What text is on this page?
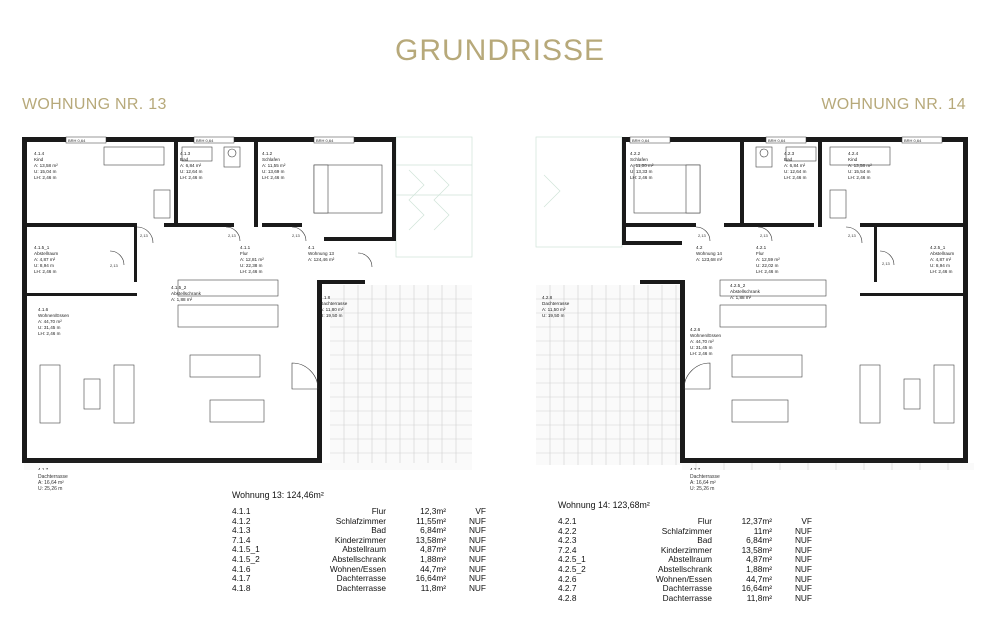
GRUNDRISSE
WOHNUNG NR. 13	WOHNUNG NR. 14
BRH 0,64	BRH 0,64	BRH 0,64
2,13	2,13	2,13
2,13
4.1.4
Kind
A: 13,58 m²
U: 15,04 m
LH: 2,46 m
4.1.3
Bad
A: 6,84 m²
U: 12,64 m
LH: 2,46 m
4.1.2
Schlafen
A: 11,55 m²
U: 13,69 m
LH: 2,46 m
4.1.5_1
Abstellraum
A: 4,87 m²
U: 8,94 m
LH: 2,46 m
4.1.1
Flur
A: 12,81 m²
U: 22,38 m
LH: 2,46 m
4.1
Wohnung 13
A: 124,46 m²
4.1.5_2
Abstellschrank
A: 1,88 m²	4.1.8
Dachterrasse
A: 11,80 m²
U: 19,50 m
4.1.6
Wohnen/Essen
A: 44,70 m²
U: 31,45 m
LH: 2,46 m
4.1.7
BRH 0,64	BRH 0,64	BRH 0,64
2,13	2,13	2,13
2,13
4.2.2
Schlafen
A: 11,00 m²
U: 13,33 m
LH: 2,46 m
4.2.3
Bad
A: 6,84 m²
U: 12,64 m
LH: 2,46 m
4.2.4
Kind
A: 13,58 m²
U: 15,54 m
LH: 2,46 m
4.2
Wohnung 14
A: 123,68 m²
4.2.1
Flur
A: 12,59 m²
U: 22,02 m
LH: 2,46 m
4.2.5_1
Abstellraum
A: 4,87 m²
U: 8,94 m
LH: 2,46 m
4.2.5_2
Abstellschrank
A: 1,88 m²
4.2.8
Dachterrasse
A: 11,50 m²
U: 19,50 m
4.2.6
Wohnen/Essen
A: 44,70 m²
U: 31,45 m
LH: 2,46 m
4.2.7
Dachterrasse
A: 16,64 m²
U: 25,26 m
Dachterrasse
A: 16,64 m²
U: 25,26 m
Wohnung 13: 124,46m²
4.1.1	Flur	12,3m²	VF
4.1.2	Schlafzimmer	11,55m²	NUF
4.1.3	Bad	6,84m²	NUF
7.1.4	Kinderzimmer	13,58m²	NUF
4.1.5_1	Abstellraum	4,87m²	NUF
4.1.5_2	Abstellschrank	1,88m²	NUF
4.1.6	Wohnen/Essen	44,7m²	NUF
4.1.7	Dachterrasse	16,64m²	NUF
4.1.8	Dachterrasse	11,8m²	NUF
Wohnung 14: 123,68m²
4.2.1	Flur	12,37m²	VF
4.2.2	Schlafzimmer	11m²	NUF
4.2.3	Bad	6,84m²	NUF
7.2.4	Kinderzimmer	13,58m²	NUF
4.2.5_1	Abstellraum	4,87m²	NUF
4.2.5_2	Abstellschrank	1,88m²	NUF
4.2.6	Wohnen/Essen	44,7m²	NUF
4.2.7	Dachterrasse	16,64m²	NUF
4.2.8	Dachterrasse	11,8m²	NUF
